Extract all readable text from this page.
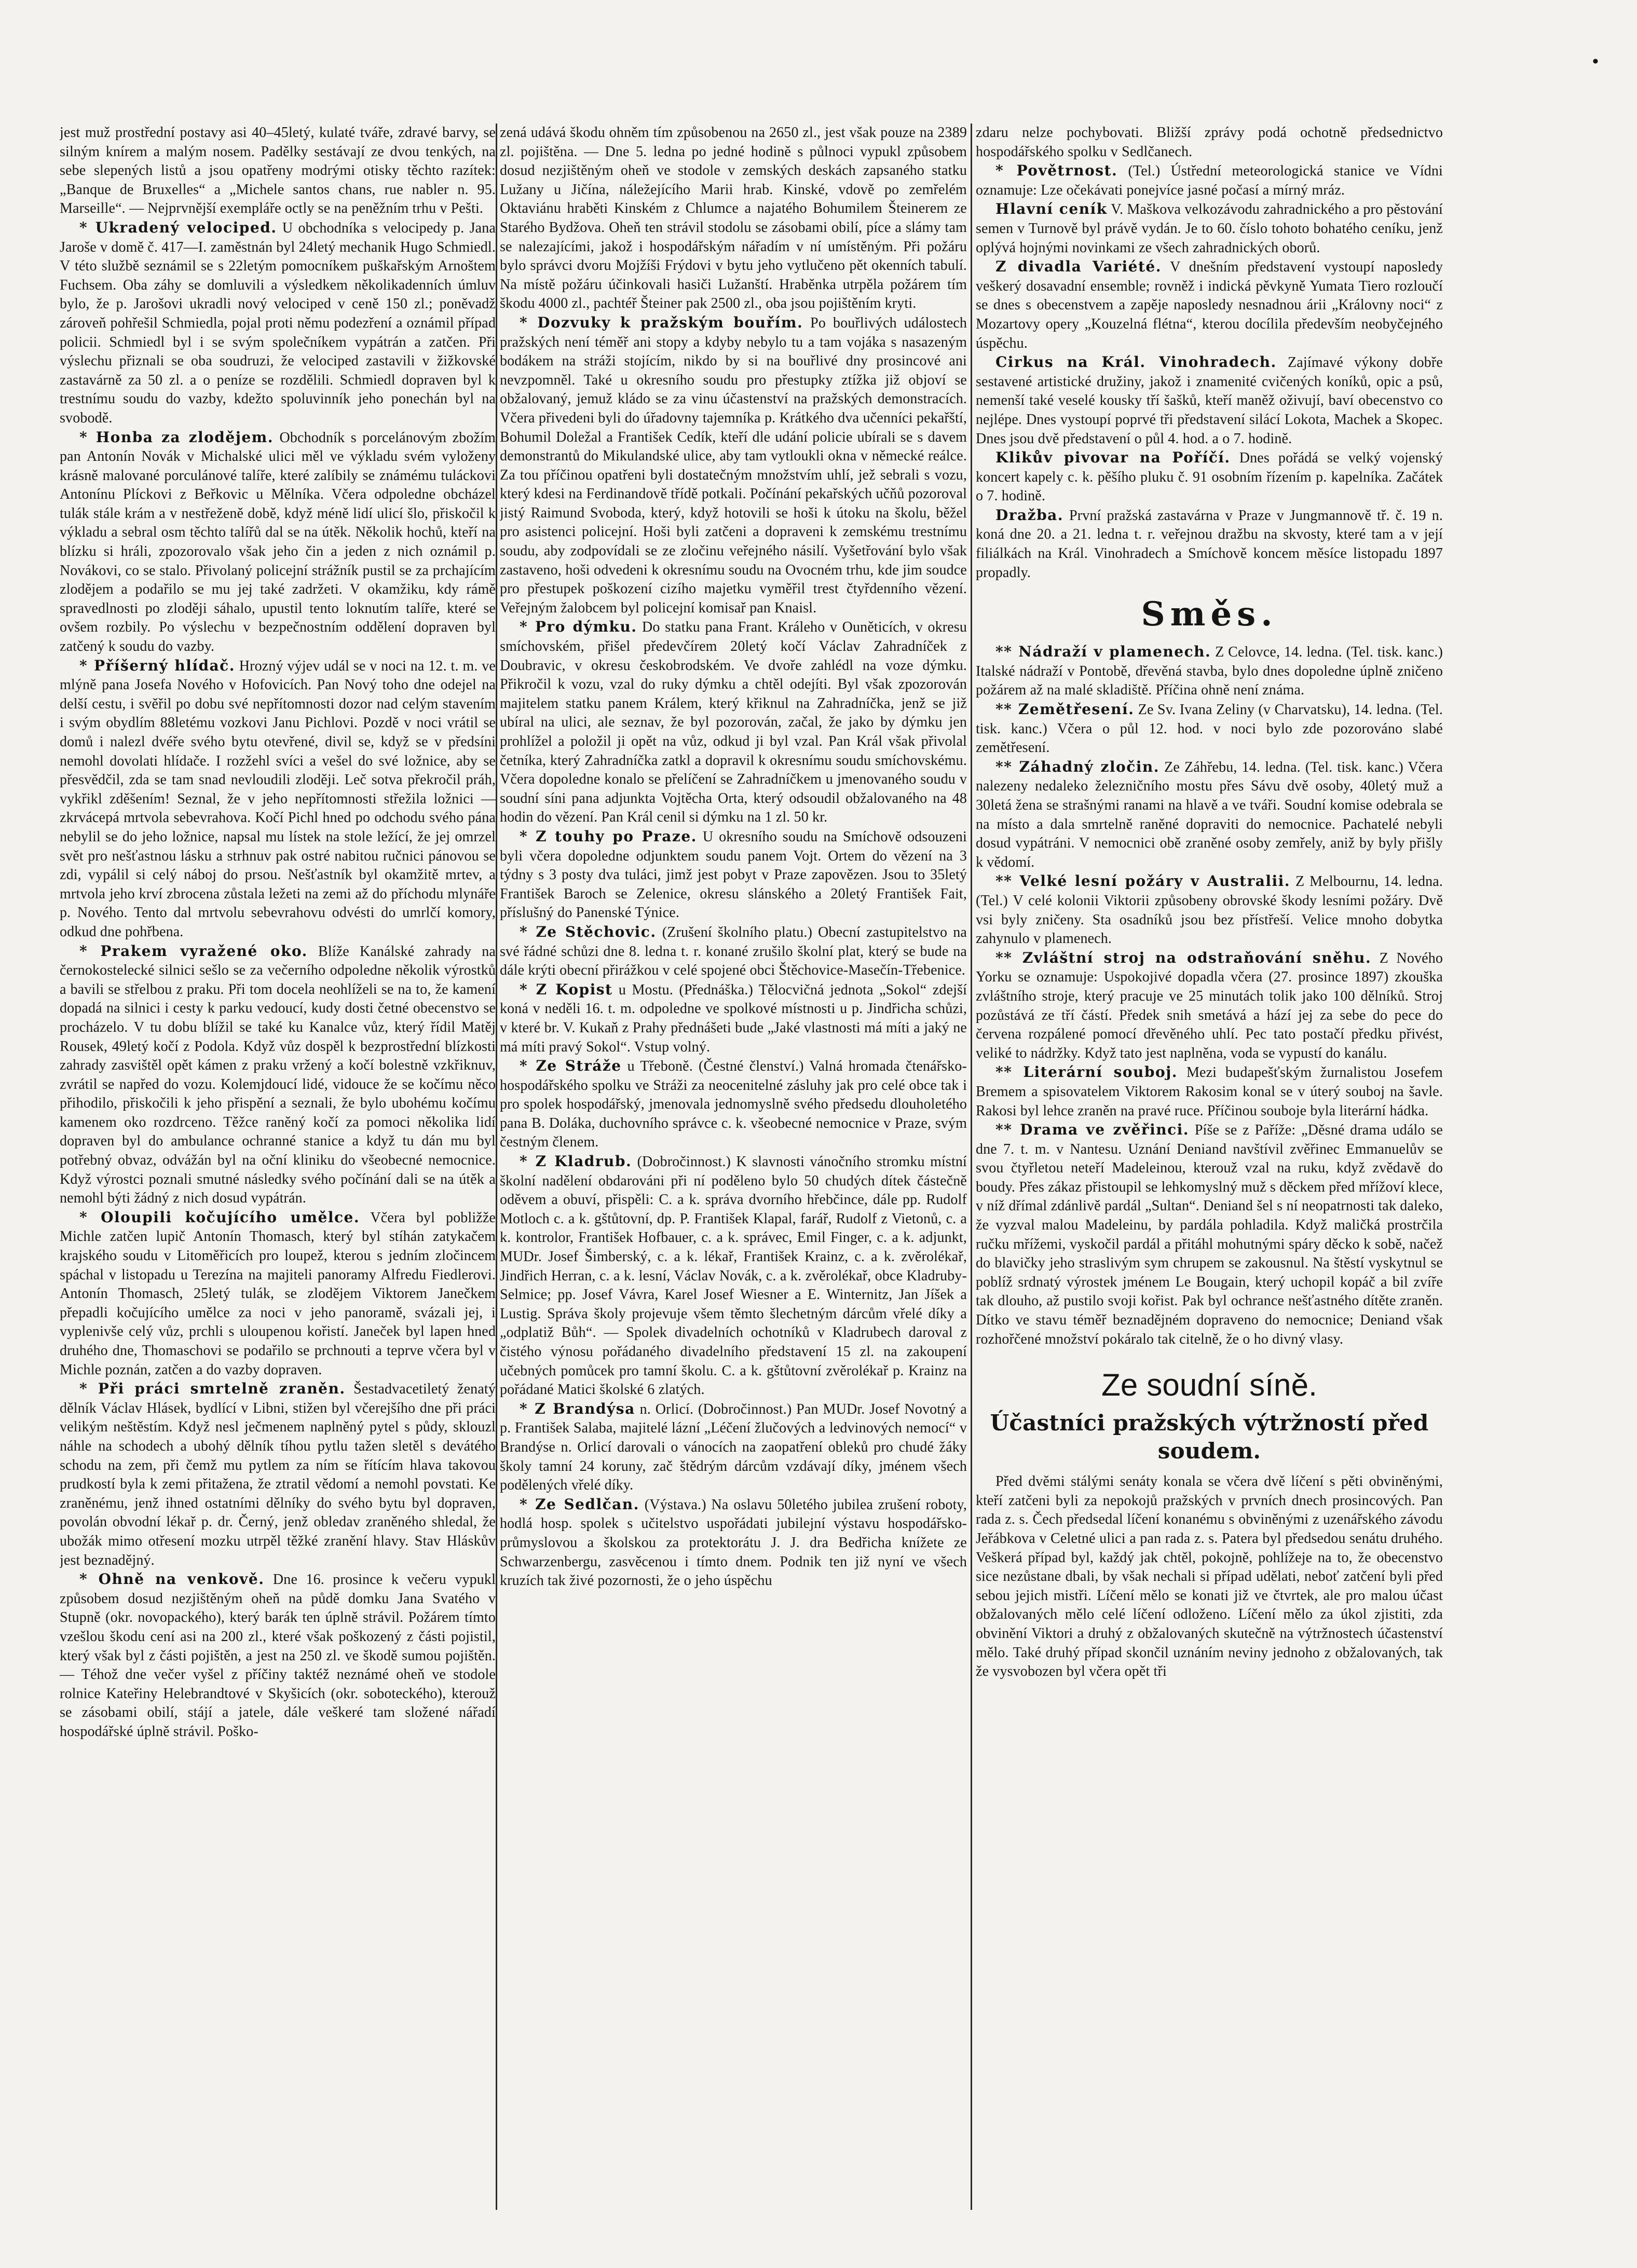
•

jest muž prostřední postavy asi 40–45letý, kulaté tváře, zdravé barvy, se silným knírem a malým nosem. Padělky sestávají ze dvou tenkých, na sebe slepených listů a jsou opatřeny modrými otisky těchto razítek: „Banque de Bruxelles“ a „Michele santos chans, rue nabler n. 95. Marseille“. — Nejprvnější exempláře octly se na peněžním trhu v Pešti.

* Ukradený velociped. U obchodníka s velocipedy p. Jana Jaroše v domě č. 417—I. zaměstnán byl 24letý mechanik Hugo Schmiedl. V této službě seznámil se s 22letým pomocníkem puškařským Arnoštem Fuchsem. Oba záhy se domluvili a výsledkem několikadenních úmluv bylo, že p. Jarošovi ukradli nový velociped v ceně 150 zl.; poněvadž zároveň pohřešil Schmiedla, pojal proti němu podezření a oznámil případ policii. Schmiedl byl i se svým společníkem vypátrán a zatčen. Při výslechu přiznali se oba soudruzi, že velociped zastavili v žižkovské zastavárně za 50 zl. a o peníze se rozdělili. Schmiedl dopraven byl k trestnímu soudu do vazby, kdežto spoluvinník jeho ponechán byl na svobodě.

* Honba za zlodějem. Obchodník s porcelánovým zbožím pan Antonín Novák v Michalské ulici měl ve výkladu svém vyloženy krásně malované porculánové talíře, které zalíbily se známému tuláckovi Antonínu Plíckovi z Beřkovic u Mělníka. Včera odpoledne obcházel tulák stále krám a v nestřeženě době, když méně lidí ulicí šlo, přiskočil k výkladu a sebral osm těchto talířů dal se na útěk. Několik hochů, kteří na blízku si hráli, zpozorovalo však jeho čin a jeden z nich oznámil p. Novákovi, co se stalo. Přivolaný policejní strážník pustil se za prchajícím zlodějem a podařilo se mu jej také zadržeti. V okamžiku, kdy rámě spravedlnosti po zloději sáhalo, upustil tento loknutím talíře, které se ovšem rozbily. Po výslechu v bezpečnostním oddělení dopraven byl zatčený k soudu do vazby.

* Příšerný hlídač. Hrozný výjev udál se v noci na 12. t. m. ve mlýně pana Josefa Nového v Hofovicích. Pan Nový toho dne odejel na delší cestu, i svěřil po dobu své nepřítomnosti dozor nad celým stavením i svým obydlím 88letému vozkovi Janu Pichlovi. Pozdě v noci vrátil se domů i nalezl dvéře svého bytu otevřené, divil se, když se v předsíni nemohl dovolati hlídače. I rozžehl svíci a vešel do své ložnice, aby se přesvědčil, zda se tam snad nevloudili zloději. Leč sotva překročil práh, vykřikl zděšením! Seznal, že v jeho nepřítomnosti střežila ložnici — zkrvácepá mrtvola sebevrahova. Kočí Pichl hned po odchodu svého pána nebylil se do jeho ložnice, napsal mu lístek na stole ležící, že jej omrzel svět pro nešťastnou lásku a strhnuv pak ostré nabitou ručnici pánovou se zdi, vypálil si celý náboj do prsou. Nešťastník byl okamžitě mrtev, a mrtvola jeho krví zbrocena zůstala ležeti na zemi až do příchodu mlynáře p. Nového. Tento dal mrtvolu sebevrahovu odvésti do umrlčí komory, odkud dne pohřbena.

* Prakem vyražené oko. Blíže Kanálské zahrady na černokostelecké silnici sešlo se za večerního odpoledne několik výrostků a bavili se střelbou z praku. Při tom docela neohlíželi se na to, že kamení dopadá na silnici i cesty k parku vedoucí, kudy dosti četné obecenstvo se procházelo. V tu dobu blížil se také ku Kanalce vůz, který řídil Matěj Rousek, 49letý kočí z Podola. Když vůz dospěl k bezprostřední blízkosti zahrady zasvištěl opět kámen z praku vržený a kočí bolestně vzkřiknuv, zvrátil se napřed do vozu. Kolemjdoucí lidé, vidouce že se kočímu něco přihodilo, přiskočili k jeho přispění a seznali, že bylo ubohému kočímu kamenem oko rozdrceno. Těžce raněný kočí za pomoci několika lidí dopraven byl do ambulance ochranné stanice a když tu dán mu byl potřebný obvaz, odvážán byl na oční kliniku do všeobecné nemocnice. Když výrostci poznali smutné následky svého počínání dali se na útěk a nemohl býti žádný z nich dosud vypátrán.

* Oloupili kočujícího umělce. Včera byl pobližže Michle zatčen lupič Antonín Thomasch, který byl stíhán zatykačem krajského soudu v Litoměřicích pro loupež, kterou s jedním zločincem spáchal v listopadu u Terezína na majiteli panoramy Alfredu Fiedlerovi. Antonín Thomasch, 25letý tulák, se zlodějem Viktorem Janečkem přepadli kočujícího umělce za noci v jeho panoramě, svázali jej, i vyplenivše celý vůz, prchli s uloupenou kořistí. Janeček byl lapen hned druhého dne, Thomaschovi se podařilo se prchnouti a teprve včera byl v Michle poznán, zatčen a do vazby dopraven.

* Při práci smrtelně zraněn. Šestadvacetiletý ženatý dělník Václav Hlásek, bydlící v Libni, stižen byl včerejšího dne při práci velikým neštěstím. Když nesl ječmenem naplněný pytel s půdy, sklouzl náhle na schodech a ubohý dělník tíhou pytlu tažen sletěl s devátého schodu na zem, při čemž mu pytlem za ním se řítícím hlava takovou prudkostí byla k zemi přitažena, že ztratil vědomí a nemohl povstati. Ke zraněnému, jenž ihned ostatními dělníky do svého bytu byl dopraven, povolán obvodní lékař p. dr. Černý, jenž obledav zraněného shledal, že ubožák mimo otřesení mozku utrpěl těžké zranění hlavy. Stav Hláskův jest beznadějný.

* Ohně na venkově. Dne 16. prosince k večeru vypukl způsobem dosud nezjištěným oheň na půdě domku Jana Svatého v Stupně (okr. novopackého), který barák ten úplně strávil. Požárem tímto vzešlou škodu cení asi na 200 zl., které však poškozený z části pojistil, který však byl z části pojištěn, a jest na 250 zl. ve škodě sumou pojištěn. — Téhož dne večer vyšel z příčiny taktéž neznámé oheň ve stodole rolnice Kateřiny Helebrandtové v Skyšicích (okr. soboteckého), kterouž se zásobami obilí, stájí a jatele, dále veškeré tam složené nářadí hospodářské úplně strávil. Poško-

zená udává škodu ohněm tím způsobenou na 2650 zl., jest však pouze na 2389 zl. pojištěna. — Dne 5. ledna po jedné hodině s půlnoci vypukl způsobem dosud nezjištěným oheň ve stodole v zemských deskách zapsaného statku Lužany u Jičína, náležejícího Marii hrab. Kinské, vdově po zemřelém Oktaviánu hraběti Kinském z Chlumce a najatého Bohumilem Šteinerem ze Starého Bydžova. Oheň ten strávil stodolu se zásobami obilí, píce a slámy tam se nalezajícími, jakož i hospodářským nářadím v ní umístěným. Při požáru bylo správci dvoru Mojžíši Frýdovi v bytu jeho vytlučeno pět okenních tabulí. Na místě požáru účinkovali hasiči Lužanští. Hraběnka utrpěla požárem tím škodu 4000 zl., pachtéř Šteiner pak 2500 zl., oba jsou pojištěním kryti.

* Dozvuky k pražským bouřím. Po bouřlivých událostech pražských není téměř ani stopy a kdyby nebylo tu a tam vojáka s nasazeným bodákem na stráži stojícím, nikdo by si na bouřlivé dny prosincové ani nevzpomněl. Také u okresního soudu pro přestupky ztížka již objoví se obžalovaný, jemuž kládo se za vinu účastenství na pražských demonstracích. Včera přivedeni byli do úřadovny tajemníka p. Krátkého dva učenníci pekařští, Bohumil Doležal a František Cedík, kteří dle udání policie ubírali se s davem demonstrantů do Mikulandské ulice, aby tam vytloukli okna v německé reálce. Za tou příčinou opatřeni byli dostatečným množstvím uhlí, jež sebrali s vozu, který kdesi na Ferdinandově třídě potkali. Počínání pekařských učňů pozoroval jistý Raimund Svoboda, který, když hotovili se hoši k útoku na školu, běžel pro asistenci policejní. Hoši byli zatčeni a dopraveni k zemskému trestnímu soudu, aby zodpovídali se ze zločinu veřejného násilí. Vyšetřování bylo však zastaveno, hoši odvedeni k okresnímu soudu na Ovocném trhu, kde jim soudce pro přestupek poškození cizího majetku vyměřil trest čtyřdenního vězení. Veřejným žalobcem byl policejní komisař pan Knaisl.

* Pro dýmku. Do statku pana Frant. Králeho v Ouněticích, v okresu smíchovském, přišel předevčírem 20letý kočí Václav Zahradníček z Doubravic, v okresu českobrodském. Ve dvoře zahlédl na voze dýmku. Přikročil k vozu, vzal do ruky dýmku a chtěl odejíti. Byl však zpozorován majitelem statku panem Králem, který křiknul na Zahradníčka, jenž se již ubíral na ulici, ale seznav, že byl pozorován, začal, že jako by dýmku jen prohlížel a položil ji opět na vůz, odkud ji byl vzal. Pan Král však přivolal četníka, který Zahradníčka zatkl a dopravil k okresnímu soudu smíchovskému. Včera dopoledne konalo se přelíčení se Zahradníčkem u jmenovaného soudu v soudní síni pana adjunkta Vojtěcha Orta, který odsoudil obžalovaného na 48 hodin do vězení. Pan Král cenil si dýmku na 1 zl. 50 kr.

* Z touhy po Praze. U okresního soudu na Smíchově odsouzeni byli včera dopoledne odjunktem soudu panem Vojt. Ortem do vězení na 3 týdny s 3 posty dva tuláci, jimž jest pobyt v Praze zapovězen. Jsou to 35letý František Baroch se Zelenice, okresu slánského a 20letý František Fait, příslušný do Panenské Týnice.

* Ze Stěchovic. (Zrušení školního platu.) Obecní zastupitelstvo na své řádné schůzi dne 8. ledna t. r. konané zrušilo školní plat, který se bude na dále krýti obecní přirážkou v celé spojené obci Štěchovice-Masečín-Třebenice.

* Z Kopist u Mostu. (Přednáška.) Tělocvičná jednota „Sokol“ zdejší koná v neděli 16. t. m. odpoledne ve spolkové místnosti u p. Jindřicha schůzi, v které br. V. Kukaň z Prahy přednášeti bude „Jaké vlastnosti má míti a jaký ne má míti pravý Sokol“. Vstup volný.

* Ze Stráže u Třeboně. (Čestné členství.) Valná hromada čtenářsko-hospodářského spolku ve Stráži za neocenitelné zásluhy jak pro celé obce tak i pro spolek hospodářský, jmenovala jednomyslně svého předsedu dlouholetého pana B. Doláka, duchovního správce c. k. všeobecné nemocnice v Praze, svým čestným členem.

* Z Kladrub. (Dobročinnost.) K slavnosti vánočního stromku místní školní nadělení obdarováni při ní poděleno bylo 50 chudých dítek částečně oděvem a obuví, přispěli: C. a k. správa dvorního hřebčince, dále pp. Rudolf Motloch c. a k. gštůtovní, dp. P. František Klapal, farář, Rudolf z Vietonů, c. a k. kontrolor, František Hofbauer, c. a k. správec, Emil Finger, c. a k. adjunkt, MUDr. Josef Šimberský, c. a k. lékař, František Krainz, c. a k. zvěrolékař, Jindřich Herran, c. a k. lesní, Václav Novák, c. a k. zvěrolékař, obce Kladruby-Selmice; pp. Josef Vávra, Karel Josef Wiesner a E. Winternitz, Jan Jíšek a Lustig. Správa školy projevuje všem těmto šlechetným dárcům vřelé díky a „odplatiž Bůh“. — Spolek divadelních ochotníků v Kladrubech daroval z čistého výnosu pořádaného divadelního představení 15 zl. na zakoupení učebných pomůcek pro tamní školu. C. a k. gštůtovní zvěrolékař p. Krainz na pořádané Matici školské 6 zlatých.

* Z Brandýsa n. Orlicí. (Dobročinnost.) Pan MUDr. Josef Novotný a p. František Salaba, majitelé lázní „Léčení žlučových a ledvinových nemocí“ v Brandýse n. Orlicí darovali o vánocích na zaopatření obleků pro chudé žáky školy tamní 24 koruny, zač štědrým dárcům vzdávají díky, jménem všech podělených vřelé díky.

* Ze Sedlčan. (Výstava.) Na oslavu 50letého jubilea zrušení roboty, hodlá hosp. spolek s učitelstvo uspořádati jubilejní výstavu hospodářsko-průmyslovou a školskou za protektorátu J. J. dra Bedřicha knížete ze Schwarzenbergu, zasvěcenou i tímto dnem. Podnik ten již nyní ve všech kruzích tak živé pozornosti, že o jeho úspěchu

zdaru nelze pochybovati. Bližší zprávy podá ochotně předsednictvo hospodářského spolku v Sedlčanech.

* Povětrnost. (Tel.) Ústřední meteorologická stanice ve Vídni oznamuje: Lze očekávati ponejvíce jasné počasí a mírný mráz.

Hlavní ceník V. Maškova velkozávodu zahradnického a pro pěstování semen v Turnově byl právě vydán. Je to 60. číslo tohoto bohatého ceníku, jenž oplývá hojnými novinkami ze všech zahradnických oborů.

Z divadla Variété. V dnešním představení vystoupí naposledy veškerý dosavadní ensemble; rovněž i indická pěvkyně Yumata Tiero rozloučí se dnes s obecenstvem a zapěje naposledy nesnadnou árii „Královny noci“ z Mozartovy opery „Kouzelná flétna“, kterou docílila především neobyčejného úspěchu.

Cirkus na Král. Vinohradech. Zajímavé výkony dobře sestavené artistické družiny, jakož i znamenité cvičených koníků, opic a psů, nemenší také veselé kousky tří šašků, kteří maněž oživují, baví obecenstvo co nejlépe. Dnes vystoupí poprvé tři představení silácí Lokota, Machek a Skopec. Dnes jsou dvě představení o půl 4. hod. a o 7. hodině.

Klikův pivovar na Poříčí. Dnes pořádá se velký vojenský koncert kapely c. k. pěšího pluku č. 91 osobním řízením p. kapelníka. Začátek o 7. hodině.

Dražba. První pražská zastavárna v Praze v Jungmannově tř. č. 19 n. koná dne 20. a 21. ledna t. r. veřejnou dražbu na skvosty, které tam a v její filiálkách na Král. Vinohradech a Smíchově koncem měsíce listopadu 1897 propadly.

Směs.

** Nádraží v plamenech. Z Celovce, 14. ledna. (Tel. tisk. kanc.) Italské nádraží v Pontobě, dřevěná stavba, bylo dnes dopoledne úplně zničeno požárem až na malé skladiště. Příčina ohně není známa.

** Zemětřesení. Ze Sv. Ivana Zeliny (v Charvatsku), 14. ledna. (Tel. tisk. kanc.) Včera o půl 12. hod. v noci bylo zde pozorováno slabé zemětřesení.

** Záhadný zločin. Ze Záhřebu, 14. ledna. (Tel. tisk. kanc.) Včera nalezeny nedaleko železničního mostu přes Sávu dvě osoby, 40letý muž a 30letá žena se strašnými ranami na hlavě a ve tváři. Soudní komise odebrala se na místo a dala smrtelně raněné dopraviti do nemocnice. Pachatelé nebyli dosud vypátráni. V nemocnici obě zraněné osoby zemřely, aniž by byly přišly k vědomí.

** Velké lesní požáry v Australii. Z Melbournu, 14. ledna. (Tel.) V celé kolonii Viktorii způsobeny obrovské škody lesními požáry. Dvě vsi byly zničeny. Sta osadníků jsou bez přístřeší. Velice mnoho dobytka zahynulo v plamenech.

** Zvláštní stroj na odstraňování sněhu. Z Nového Yorku se oznamuje: Uspokojivé dopadla včera (27. prosince 1897) zkouška zvláštního stroje, který pracuje ve 25 minutách tolik jako 100 dělníků. Stroj pozůstává ze tří částí. Předek snih smetává a hází jej za sebe do pece do červena rozpálené pomocí dřevěného uhlí. Pec tato postačí předku přivést, veliké to nádržky. Když tato jest naplněna, voda se vypustí do kanálu.

** Literární souboj. Mezi budapešťským žurnalistou Josefem Bremem a spisovatelem Viktorem Rakosim konal se v úterý souboj na šavle. Rakosi byl lehce zraněn na pravé ruce. Příčinou souboje byla literární hádka.

** Drama ve zvěřinci. Píše se z Paříže: „Děsné drama událo se dne 7. t. m. v Nantesu. Uznání Deniand navštívil zvěřinec Emmanuelův se svou čtyřletou neteří Madeleinou, kterouž vzal na ruku, když zvědavě do boudy. Přes zákaz přistoupil se lehkomyslný muž s děckem před mřížoví klece, v níž dřímal zdánlivě pardál „Sultan“. Deniand šel s ní neopatrnosti tak daleko, že vyzval malou Madeleinu, by pardála pohladila. Když maličká prostrčila ručku mřížemi, vyskočil pardál a přitáhl mohutnými spáry děcko k sobě, načež do blavičky jeho straslivým sym chrupem se zakousnul. Na štěstí vyskytnul se poblíž srdnatý výrostek jménem Le Bougain, který uchopil kopáč a bil zvíře tak dlouho, až pustilo svoji kořist. Pak byl ochrance nešťastného dítěte zraněn. Dítko ve stavu téměř beznadějném dopraveno do nemocnice; Deniand však rozhořčené množství pokáralo tak citelně, že o ho divný vlasy.

Ze soudní síně.

Účastníci pražských výtržností před soudem.

Před dvěmi stálými senáty konala se včera dvě líčení s pěti obviněnými, kteří zatčeni byli za nepokojů pražských v prvních dnech prosincových. Pan rada z. s. Čech předsedal líčení konanému s obviněnými z uzenářského závodu Jeřábkova v Celetné ulici a pan rada z. s. Patera byl předsedou senátu druhého. Veškerá případ byl, každý jak chtěl, pokojně, pohlížeje na to, že obecenstvo sice nezůstane dbali, by však nechali si případ udělati, neboť zatčení byli před sebou jejich mistři. Líčení mělo se konati již ve čtvrtek, ale pro malou účast obžalovaných mělo celé líčení odloženo. Líčení mělo za úkol zjistiti, zda obvinění Viktori a druhý z obžalovaných skutečně na výtržnostech účastenství mělo. Také druhý případ skončil uznáním neviny jednoho z obžalovaných, tak že vysvobozen byl včera opět tři
